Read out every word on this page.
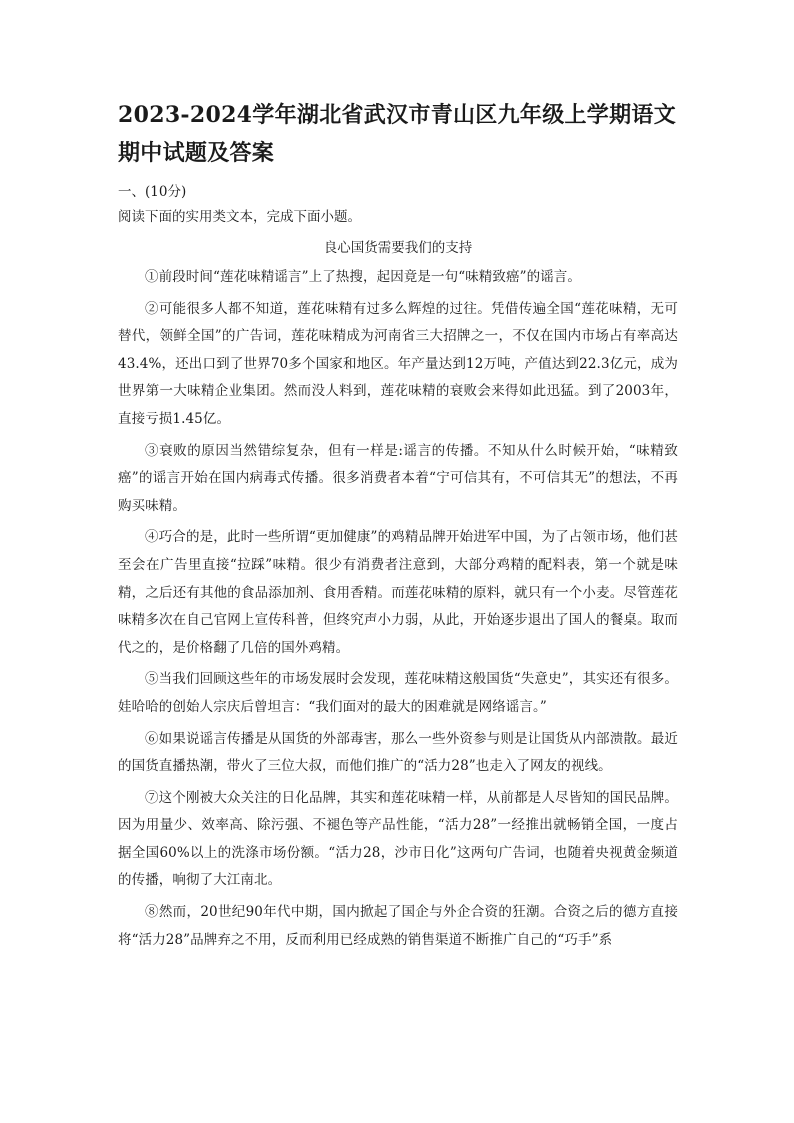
2023-2024学年湖北省武汉市青山区九年级上学期语文期中试题及答案

一、(10分)

阅读下面的实用类文本，完成下面小题。

良心国货需要我们的支持

①前段时间“莲花味精谣言”上了热搜，起因竟是一句“味精致癌”的谣言。

②可能很多人都不知道，莲花味精有过多么辉煌的过往。凭借传遍全国“莲花味精，无可替代，领鲜全国”的广告词，莲花味精成为河南省三大招牌之一，不仅在国内市场占有率高达43.4%，还出口到了世界70多个国家和地区。年产量达到12万吨，产值达到22.3亿元，成为世界第一大味精企业集团。然而没人料到，莲花味精的衰败会来得如此迅猛。到了2003年，直接亏损1.45亿。

③衰败的原因当然错综复杂，但有一样是:谣言的传播。不知从什么时候开始，“味精致癌”的谣言开始在国内病毒式传播。很多消费者本着“宁可信其有，不可信其无”的想法，不再购买味精。

④巧合的是，此时一些所谓“更加健康”的鸡精品牌开始进军中国，为了占领市场，他们甚至会在广告里直接“拉踩”味精。很少有消费者注意到，大部分鸡精的配料表，第一个就是味精，之后还有其他的食品添加剂、食用香精。而莲花味精的原料，就只有一个小麦。尽管莲花味精多次在自己官网上宣传科普，但终究声小力弱，从此，开始逐步退出了国人的餐桌。取而代之的，是价格翻了几倍的国外鸡精。

⑤当我们回顾这些年的市场发展时会发现，莲花味精这般国货“失意史”，其实还有很多。娃哈哈的创始人宗庆后曾坦言：“我们面对的最大的困难就是网络谣言。”

⑥如果说谣言传播是从国货的外部毒害，那么一些外资参与则是让国货从内部溃散。最近的国货直播热潮，带火了三位大叔，而他们推广的“活力28”也走入了网友的视线。

⑦这个刚被大众关注的日化品牌，其实和莲花味精一样，从前都是人尽皆知的国民品牌。因为用量少、效率高、除污强、不褪色等产品性能，“活力28”一经推出就畅销全国，一度占据全国60%以上的洗涤市场份额。“活力28，沙市日化”这两句广告词，也随着央视黄金频道的传播，响彻了大江南北。

⑧然而，20世纪90年代中期，国内掀起了国企与外企合资的狂潮。合资之后的德方直接将“活力28”品牌弃之不用，反而利用已经成熟的销售渠道不断推广自己的“巧手”系
